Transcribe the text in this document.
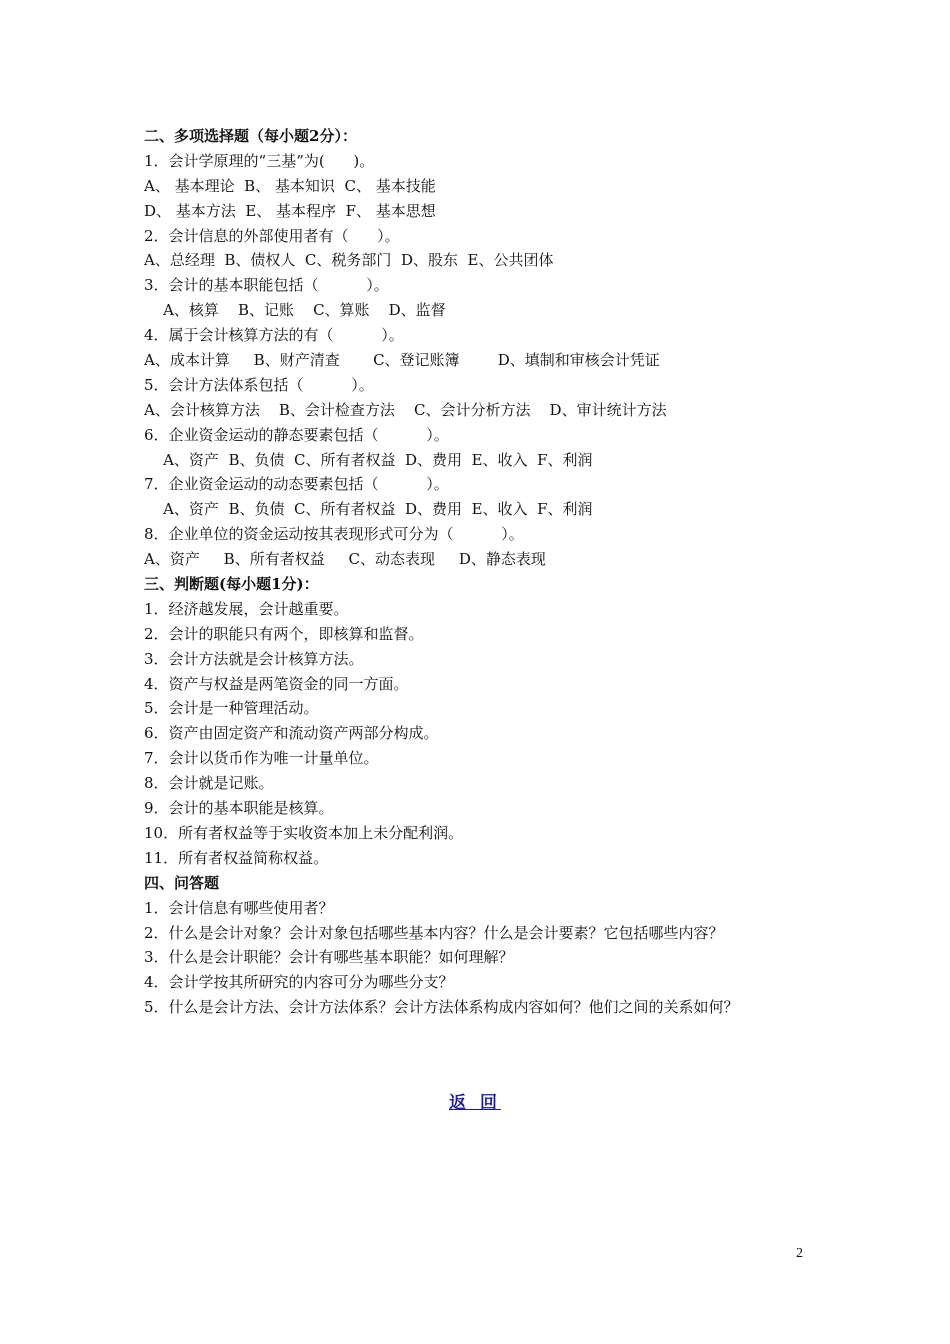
二、多项选择题（每小题2分）：
1．会计学原理的“三基”为(      )。
A、 基本理论  B、 基本知识  C、 基本技能
D、 基本方法  E、 基本程序  F、 基本思想
2．会计信息的外部使用者有（      ）。
A、总经理  B、债权人  C、税务部门  D、股东  E、公共团体
3．会计的基本职能包括（          ）。
A、核算    B、记账    C、算账    D、监督
4．属于会计核算方法的有（          ）。
A、成本计算     B、财产清查       C、登记账簿        D、填制和审核会计凭证
5．会计方法体系包括（          ）。
A、会计核算方法    B、会计检查方法    C、会计分析方法    D、审计统计方法
6．企业资金运动的静态要素包括（          ）。
A、资产  B、负债  C、所有者权益  D、费用  E、收入  F、利润
7．企业资金运动的动态要素包括（          ）。
A、资产  B、负债  C、所有者权益  D、费用  E、收入  F、利润
8．企业单位的资金运动按其表现形式可分为（          ）。
A、资产     B、所有者权益     C、动态表现     D、静态表现
三、判断题(每小题1分)：
1．经济越发展，会计越重要。
2．会计的职能只有两个，即核算和监督。
3．会计方法就是会计核算方法。
4．资产与权益是两笔资金的同一方面。
5．会计是一种管理活动。
6．资产由固定资产和流动资产两部分构成。
7．会计以货币作为唯一计量单位。
8．会计就是记账。
9．会计的基本职能是核算。
10．所有者权益等于实收资本加上未分配利润。
11．所有者权益简称权益。
四、问答题
1．会计信息有哪些使用者？
2．什么是会计对象？会计对象包括哪些基本内容？什么是会计要素？它包括哪些内容？
3．什么是会计职能？会计有哪些基本职能？如何理解？
4．会计学按其所研究的内容可分为哪些分支？
5．什么是会计方法、会计方法体系？会计方法体系构成内容如何？他们之间的关系如何？
返 回
2
